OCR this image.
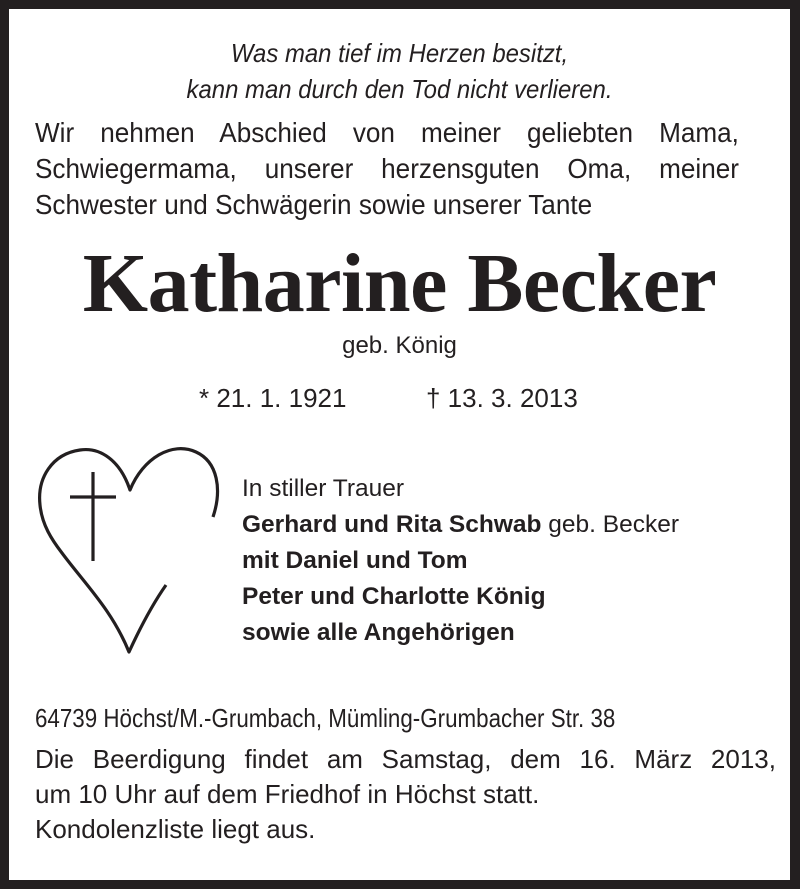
Was man tief im Herzen besitzt,
kann man durch den Tod nicht verlieren.
Wir nehmen Abschied von meiner geliebten Mama,
Schwiegermama, unserer herzensguten Oma, meiner
Schwester und Schwägerin sowie unserer Tante
Katharine Becker
geb. König
* 21. 1. 1921	† 13. 3. 2013
In stiller Trauer
Gerhard und Rita Schwab geb. Becker
mit Daniel und Tom
Peter und Charlotte König
sowie alle Angehörigen
64739 Höchst/M.-Grumbach, Mümling-Grumbacher Str. 38
Die Beerdigung findet am Samstag, dem 16. März 2013,
um 10 Uhr auf dem Friedhof in Höchst statt.
Kondolenzliste liegt aus.
